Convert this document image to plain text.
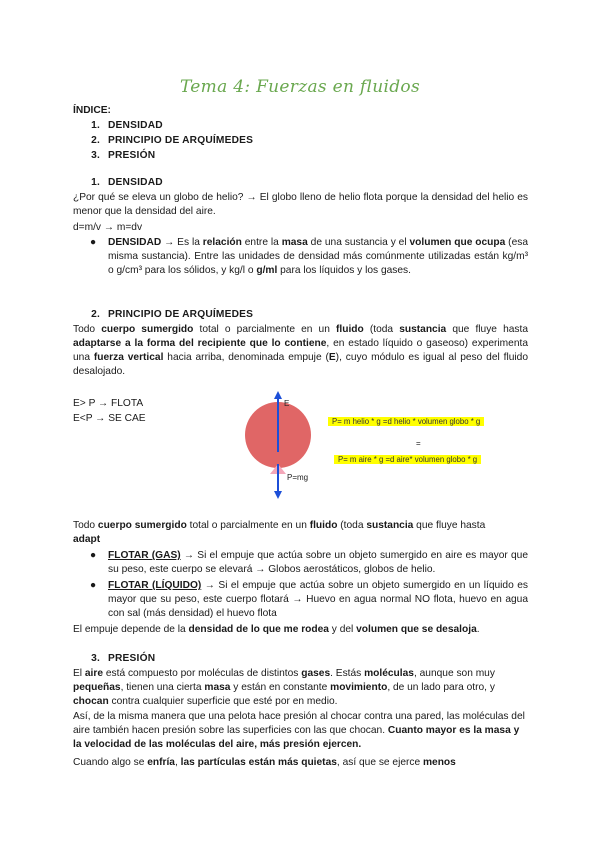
Tema 4: Fuerzas en fluidos
ÍNDICE:
1. DENSIDAD
2. PRINCIPIO DE ARQUÍMEDES
3. PRESIÓN
1. DENSIDAD
¿Por qué se eleva un globo de helio? → El globo lleno de helio flota porque la densidad del helio es menor que la densidad del aire.
d=m/v → m=dv
● DENSIDAD → Es la relación entre la masa de una sustancia y el volumen que ocupa (esa misma sustancia). Entre las unidades de densidad más comúnmente utilizadas están kg/m³ o g/cm³ para los sólidos, y kg/l o g/ml para los líquidos y los gases.
2. PRINCIPIO DE ARQUÍMEDES
Todo cuerpo sumergido total o parcialmente en un fluido (toda sustancia que fluye hasta adaptarse a la forma del recipiente que lo contiene, en estado líquido o gaseoso) experimenta una fuerza vertical hacia arriba, denominada empuje (E), cuyo módulo es igual al peso del fluido desalojado.
E> P → FLOTA
E<P → SE CAE
E
P=mg
P= m helio * g =d helio * volumen globo * g
=
P= m aire * g =d aire* volumen globo * g
Todo cuerpo sumergido total o parcialmente en un fluido (toda sustancia que fluye hasta
adapt
● FLOTAR (GAS) → Si el empuje que actúa sobre un objeto sumergido en aire es mayor que su peso, este cuerpo se elevará → Globos aerostáticos, globos de helio.
● FLOTAR (LÍQUIDO) → Si el empuje que actúa sobre un objeto sumergido en un líquido es mayor que su peso, este cuerpo flotará → Huevo en agua normal NO flota, huevo en agua con sal (más densidad) el huevo flota
El empuje depende de la densidad de lo que me rodea y del volumen que se desaloja.
3. PRESIÓN
El aire está compuesto por moléculas de distintos gases. Estás moléculas, aunque son muy pequeñas, tienen una cierta masa y están en constante movimiento, de un lado para otro, y chocan contra cualquier superficie que esté por en medio.
Así, de la misma manera que una pelota hace presión al chocar contra una pared, las moléculas del aire también hacen presión sobre las superficies con las que chocan. Cuanto mayor es la masa y la velocidad de las moléculas del aire, más presión ejercen.
Cuando algo se enfría, las partículas están más quietas, así que se ejerce menos
